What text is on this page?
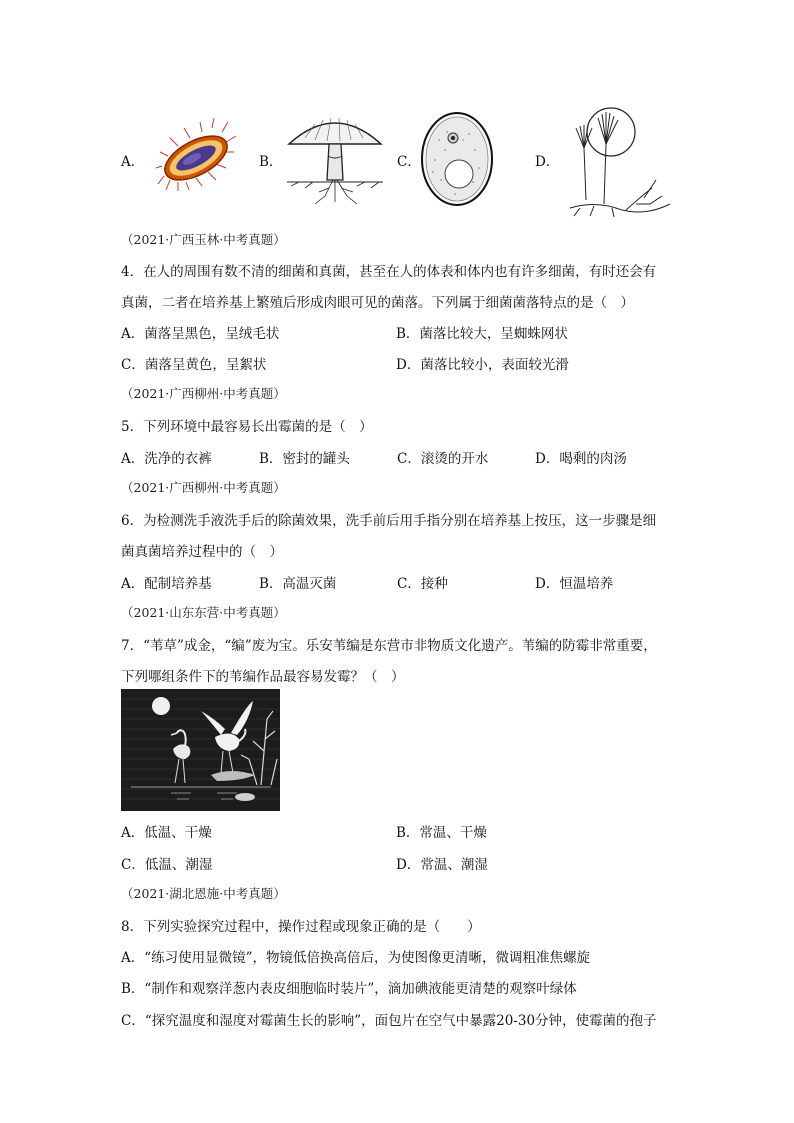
A．	B．	C．	D．
（2021·广西玉林·中考真题）
4．在人的周围有数不清的细菌和真菌，甚至在人的体表和体内也有许多细菌，有时还会有
真菌，二者在培养基上繁殖后形成肉眼可见的菌落。下列属于细菌菌落特点的是（　）
A．菌落呈黑色，呈绒毛状	B．菌落比较大，呈蜘蛛网状
C．菌落呈黄色，呈絮状	D．菌落比较小，表面较光滑
（2021·广西柳州·中考真题）
5．下列环境中最容易长出霉菌的是（　）
A．洗净的衣裤	B．密封的罐头	C．滚烫的开水	D．喝剩的肉汤
（2021·广西柳州·中考真题）
6．为检测洗手液洗手后的除菌效果，洗手前后用手指分别在培养基上按压，这一步骤是细
菌真菌培养过程中的（　）
A．配制培养基	B．高温灭菌	C．接种	D．恒温培养
（2021·山东东营·中考真题）
7．“苇草”成金，“编”废为宝。乐安苇编是东营市非物质文化遗产。苇编的防霉非常重要，
下列哪组条件下的苇编作品最容易发霉？（　）
A．低温、干燥	B．常温、干燥
C．低温、潮湿	D．常温、潮湿
（2021·湖北恩施·中考真题）
8．下列实验探究过程中，操作过程或现象正确的是（　　）
A．“练习使用显微镜”，物镜低倍换高倍后，为使图像更清晰，微调粗准焦螺旋
B．“制作和观察洋葱内表皮细胞临时装片”，滴加碘液能更清楚的观察叶绿体
C．“探究温度和湿度对霉菌生长的影响”，面包片在空气中暴露20-30分钟，使霉菌的孢子
